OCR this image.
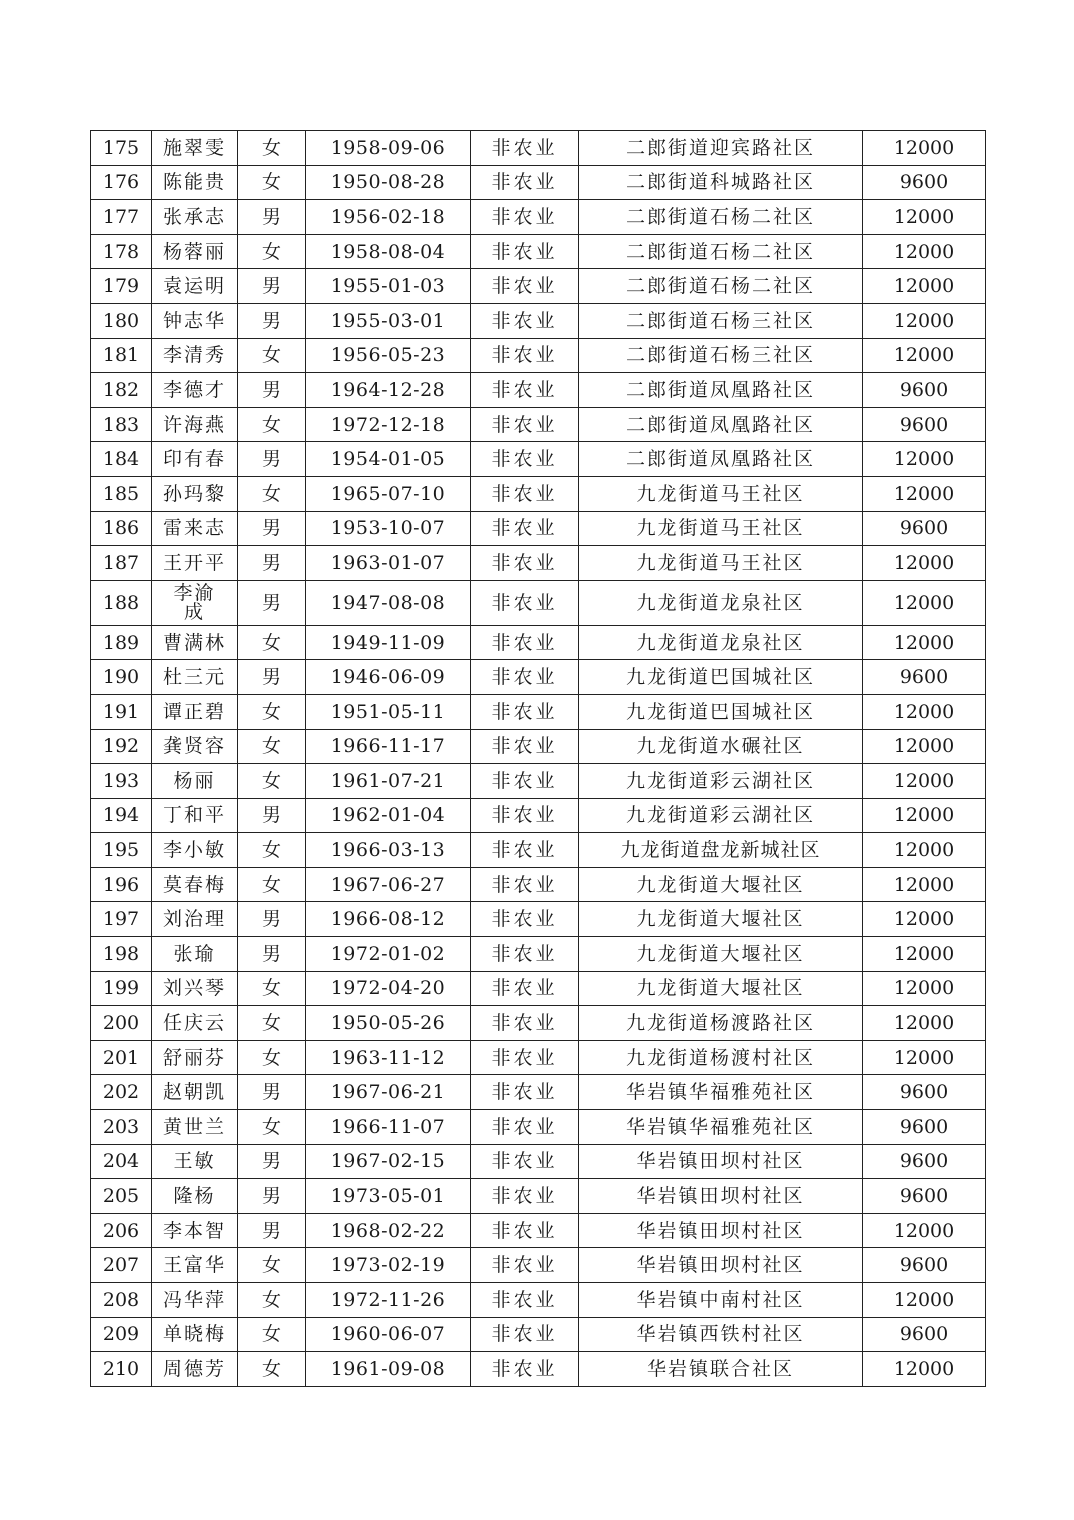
175	施翠雯	女	1958-09-06	非农业	二郎街道迎宾路社区	12000
176	陈能贵	女	1950-08-28	非农业	二郎街道科城路社区	9600
177	张承志	男	1956-02-18	非农业	二郎街道石杨二社区	12000
178	杨蓉丽	女	1958-08-04	非农业	二郎街道石杨二社区	12000
179	袁运明	男	1955-01-03	非农业	二郎街道石杨二社区	12000
180	钟志华	男	1955-03-01	非农业	二郎街道石杨三社区	12000
181	李清秀	女	1956-05-23	非农业	二郎街道石杨三社区	12000
182	李德才	男	1964-12-28	非农业	二郎街道凤凰路社区	9600
183	许海燕	女	1972-12-18	非农业	二郎街道凤凰路社区	9600
184	印有春	男	1954-01-05	非农业	二郎街道凤凰路社区	12000
185	孙玛黎	女	1965-07-10	非农业	九龙街道马王社区	12000
186	雷来志	男	1953-10-07	非农业	九龙街道马王社区	9600
187	王开平	男	1963-01-07	非农业	九龙街道马王社区	12000
188	李渝成	男	1947-08-08	非农业	九龙街道龙泉社区	12000
189	曹满林	女	1949-11-09	非农业	九龙街道龙泉社区	12000
190	杜三元	男	1946-06-09	非农业	九龙街道巴国城社区	9600
191	谭正碧	女	1951-05-11	非农业	九龙街道巴国城社区	12000
192	龚贤容	女	1966-11-17	非农业	九龙街道水碾社区	12000
193	杨丽	女	1961-07-21	非农业	九龙街道彩云湖社区	12000
194	丁和平	男	1962-01-04	非农业	九龙街道彩云湖社区	12000
195	李小敏	女	1966-03-13	非农业	九龙街道盘龙新城社区	12000
196	莫春梅	女	1967-06-27	非农业	九龙街道大堰社区	12000
197	刘治理	男	1966-08-12	非农业	九龙街道大堰社区	12000
198	张瑜	男	1972-01-02	非农业	九龙街道大堰社区	12000
199	刘兴琴	女	1972-04-20	非农业	九龙街道大堰社区	12000
200	任庆云	女	1950-05-26	非农业	九龙街道杨渡路社区	12000
201	舒丽芬	女	1963-11-12	非农业	九龙街道杨渡村社区	12000
202	赵朝凯	男	1967-06-21	非农业	华岩镇华福雅苑社区	9600
203	黄世兰	女	1966-11-07	非农业	华岩镇华福雅苑社区	9600
204	王敏	男	1967-02-15	非农业	华岩镇田坝村社区	9600
205	隆杨	男	1973-05-01	非农业	华岩镇田坝村社区	9600
206	李本智	男	1968-02-22	非农业	华岩镇田坝村社区	12000
207	王富华	女	1973-02-19	非农业	华岩镇田坝村社区	9600
208	冯华萍	女	1972-11-26	非农业	华岩镇中南村社区	12000
209	单晓梅	女	1960-06-07	非农业	华岩镇西铁村社区	9600
210	周德芳	女	1961-09-08	非农业	华岩镇联合社区	12000
